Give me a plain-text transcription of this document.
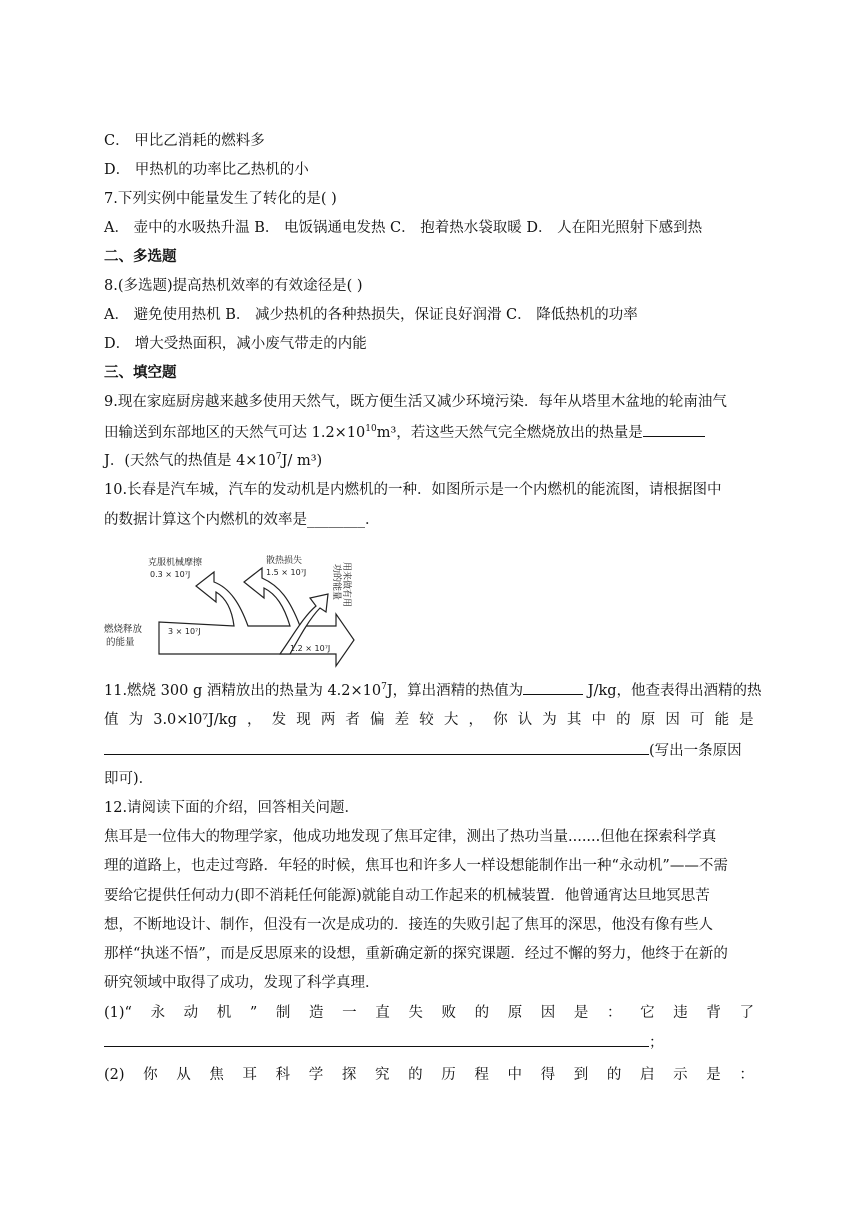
C． 甲比乙消耗的燃料多
D． 甲热机的功率比乙热机的小
7.下列实例中能量发生了转化的是( )
A． 壶中的水吸热升温 B． 电饭锅通电发热 C． 抱着热水袋取暖 D． 人在阳光照射下感到热
二、多选题
8.(多选题)提高热机效率的有效途径是( )
A． 避免使用热机 B． 减少热机的各种热损失，保证良好润滑 C． 降低热机的功率
D． 增大受热面积，减小废气带走的内能
三、填空题
9.现在家庭厨房越来越多使用天然气，既方便生活又减少环境污染．每年从塔里木盆地的轮南油气
田输送到东部地区的天然气可达 $1.2\times 10^{10}m^3$，若这些天然气完全燃烧放出的热量是
J．(天然气的热值是 $4\times 10^7J/$ m³)
10.长春是汽车城，汽车的发动机是内燃机的一种．如图所示是一个内燃机的能流图，请根据图中
的数据计算这个内燃机的效率是________．
克服机械摩擦
0.3 × 10⁷J
散热损失
1.5 × 10⁷J	用来做有用
功的能量
燃烧释放
的能量
3 × 10⁷J
1.2 × 10⁷J
11.燃烧 300 g 酒精放出的热量为 $4.2\times 10^7J$，算出酒精的热值为	J/kg，他查表得出酒精的热
值 为 3.0×l0⁷J/kg ， 发 现 两 者 偏 差 较 大 ， 你 认 为 其 中 的 原 因 可 能 是
(写出一条原因
即可)．
12.请阅读下面的介绍，回答相关问题．
焦耳是一位伟大的物理学家，他成功地发现了焦耳定律，测出了热功当量.......但他在探索科学真
理的道路上，也走过弯路．年轻的时候，焦耳也和许多人一样设想能制作出一种“永动机”——不需
要给它提供任何动力(即不消耗任何能源)就能自动工作起来的机械装置．他曾通宵达旦地冥思苦
想，不断地设计、制作，但没有一次是成功的．接连的失败引起了焦耳的深思，他没有像有些人
那样“执迷不悟”，而是反思原来的设想，重新确定新的探究课题．经过不懈的努力，他终于在新的
研究领域中取得了成功，发现了科学真理．
(1)“ 永 动 机 ” 制 造 一 直 失 败 的 原 因 是 ： 它 违 背 了
；
(2) 你 从 焦 耳 科 学 探 究 的 历 程 中 得 到 的 启 示 是 ：
